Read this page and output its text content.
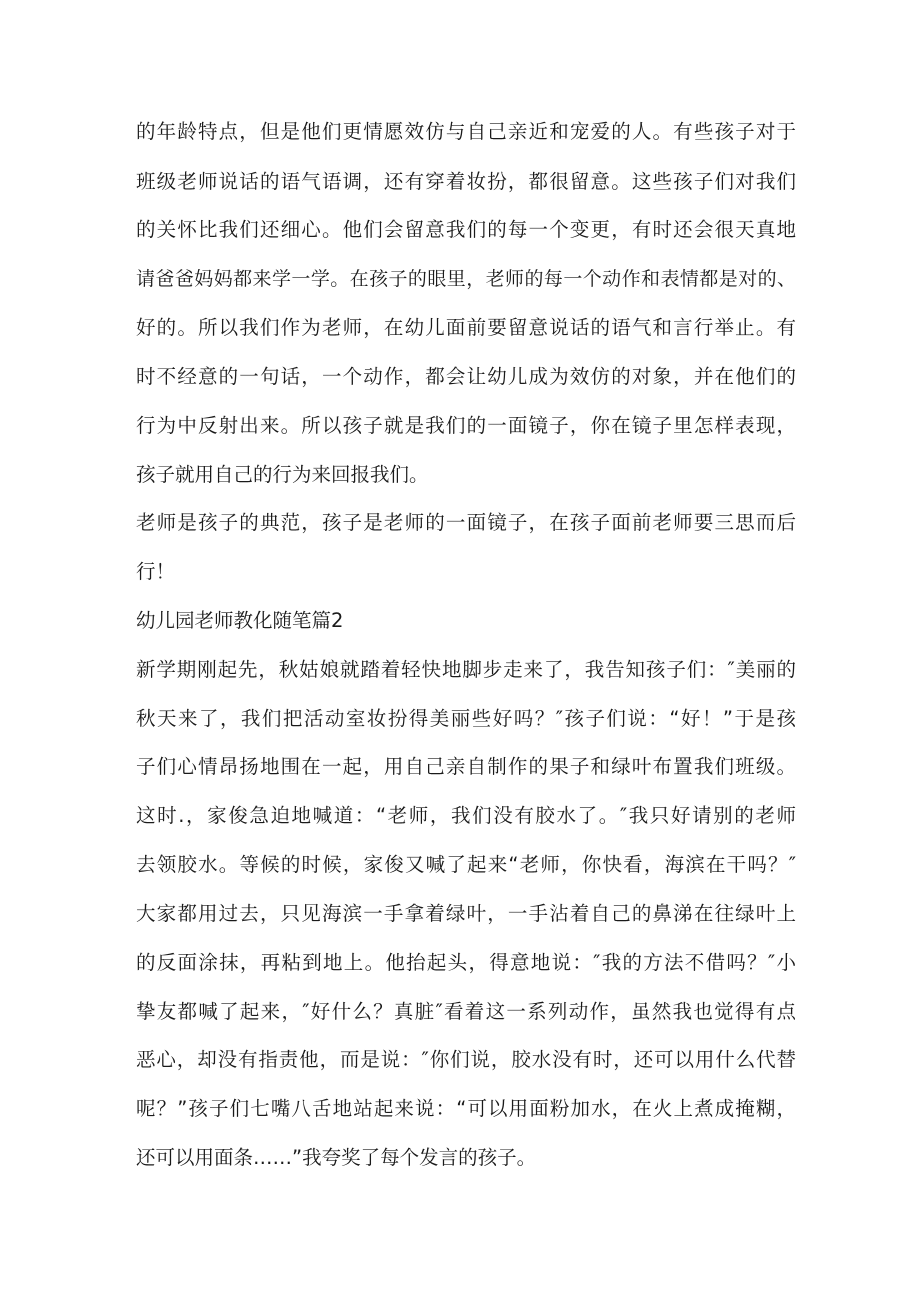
的年龄特点，但是他们更情愿效仿与自己亲近和宠爱的人。有些孩子对于
班级老师说话的语气语调，还有穿着妆扮，都很留意。这些孩子们对我们
的关怀比我们还细心。他们会留意我们的每一个变更，有时还会很天真地
请爸爸妈妈都来学一学。在孩子的眼里，老师的每一个动作和表情都是对的、
好的。所以我们作为老师，在幼儿面前要留意说话的语气和言行举止。有
时不经意的一句话，一个动作，都会让幼儿成为效仿的对象，并在他们的
行为中反射出来。所以孩子就是我们的一面镜子，你在镜子里怎样表现，
孩子就用自己的行为来回报我们。
老师是孩子的典范，孩子是老师的一面镜子，在孩子面前老师要三思而后
行！
幼儿园老师教化随笔篇2
新学期刚起先，秋姑娘就踏着轻快地脚步走来了，我告知孩子们：″美丽的
秋天来了，我们把活动室妆扮得美丽些好吗？″孩子们说：“好！”于是孩
子们心情昂扬地围在一起，用自己亲自制作的果子和绿叶布置我们班级。
这时.，家俊急迫地喊道：“老师，我们没有胶水了。″我只好请别的老师
去领胶水。等候的时候，家俊又喊了起来“老师，你快看，海滨在干吗？″
大家都用过去，只见海滨一手拿着绿叶，一手沾着自己的鼻涕在往绿叶上
的反面涂抹，再粘到地上。他抬起头，得意地说：″我的方法不借吗？″小
挚友都喊了起来，″好什么？真脏″看着这一系列动作，虽然我也觉得有点
恶心，却没有指责他，而是说：″你们说，胶水没有时，还可以用什么代替
呢？”孩子们七嘴八舌地站起来说：“可以用面粉加水，在火上煮成掩糊，
还可以用面条……”我夸奖了每个发言的孩子。
